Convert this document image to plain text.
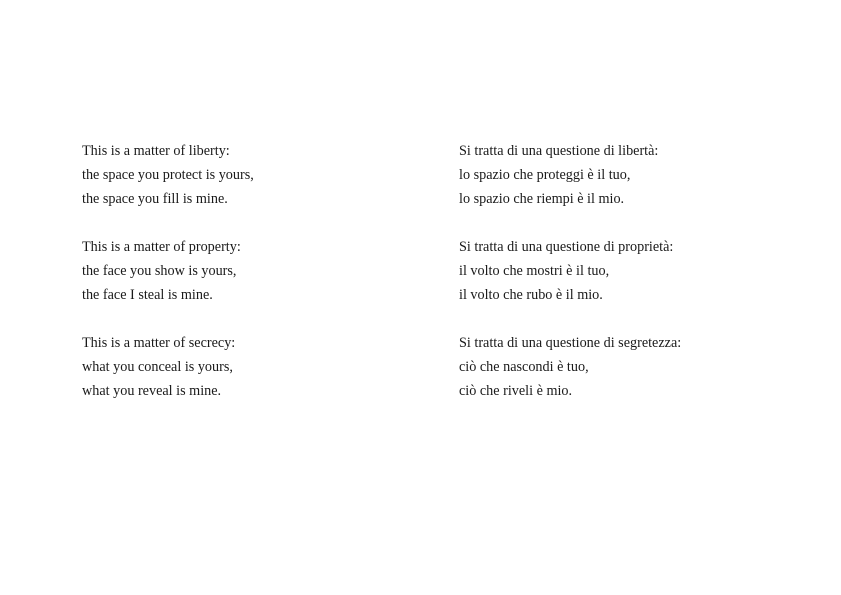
This is a matter of liberty:
the space you protect is yours,
the space you fill is mine.
This is a matter of property:
the face you show is yours,
the face I steal is mine.
This is a matter of secrecy:
what you conceal is yours,
what you reveal is mine.
Si tratta di una questione di libertà:
lo spazio che proteggi è il tuo,
lo spazio che riempi è il mio.
Si tratta di una questione di proprietà:
il volto che mostri è il tuo,
il volto che rubo è il mio.
Si tratta di una questione di segretezza:
ciò che nascondi è tuo,
ciò che riveli è mio.
